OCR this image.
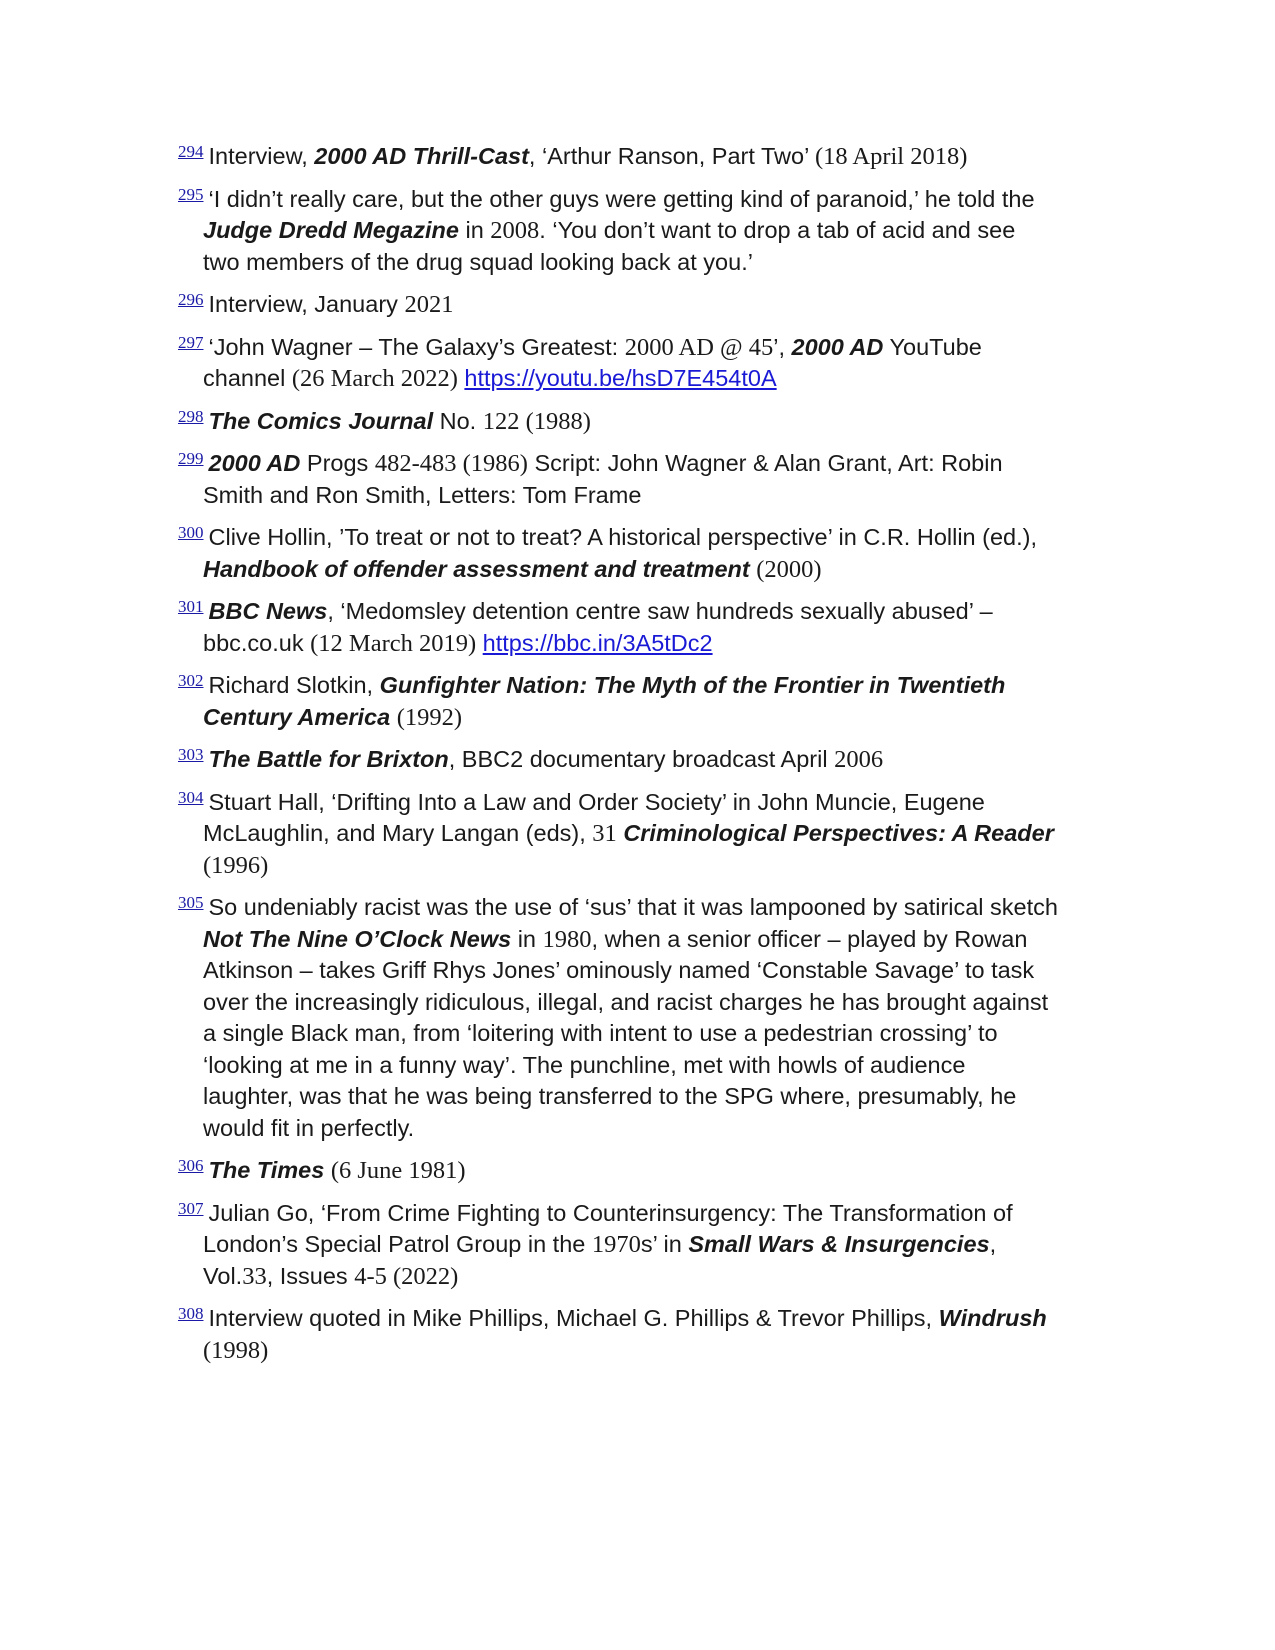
$^{294}$ Interview, 2000 AD Thrill-Cast, ‘Arthur Ranson, Part Two’ (18 April 2018)

$^{295}$ ‘I didn’t really care, but the other guys were getting kind of paranoid,’ he told the Judge Dredd Megazine in 2008. ‘You don’t want to drop a tab of acid and see two members of the drug squad looking back at you.’

$^{296}$ Interview, January 2021

$^{297}$ ‘John Wagner – The Galaxy’s Greatest: 2000 AD @ 45’, 2000 AD YouTube channel (26 March 2022) https://youtu.be/hsD7E454t0A

$^{298}$ The Comics Journal No. 122 (1988)

$^{299}$ 2000 AD Progs 482-483 (1986) Script: John Wagner & Alan Grant, Art: Robin Smith and Ron Smith, Letters: Tom Frame

$^{300}$ Clive Hollin, ’To treat or not to treat? A historical perspective’ in C.R. Hollin (ed.), Handbook of offender assessment and treatment (2000)

$^{301}$ BBC News, ‘Medomsley detention centre saw hundreds sexually abused’ – bbc.co.uk (12 March 2019) https://bbc.in/3A5tDc2

$^{302}$ Richard Slotkin, Gunfighter Nation: The Myth of the Frontier in Twentieth Century America (1992)

$^{303}$ The Battle for Brixton, BBC2 documentary broadcast April 2006

$^{304}$ Stuart Hall, ‘Drifting Into a Law and Order Society’ in John Muncie, Eugene McLaughlin, and Mary Langan (eds), 31 Criminological Perspectives: A Reader (1996)

$^{305}$ So undeniably racist was the use of ‘sus’ that it was lampooned by satirical sketch Not The Nine O’Clock News in 1980, when a senior officer – played by Rowan Atkinson – takes Griff Rhys Jones’ ominously named ‘Constable Savage’ to task over the increasingly ridiculous, illegal, and racist charges he has brought against a single Black man, from ‘loitering with intent to use a pedestrian crossing’ to ‘looking at me in a funny way’. The punchline, met with howls of audience laughter, was that he was being transferred to the SPG where, presumably, he would fit in perfectly.

$^{306}$ The Times (6 June 1981)

$^{307}$ Julian Go, ‘From Crime Fighting to Counterinsurgency: The Transformation of London’s Special Patrol Group in the 1970s’ in Small Wars & Insurgencies, Vol.33, Issues 4-5 (2022)

$^{308}$ Interview quoted in Mike Phillips, Michael G. Phillips & Trevor Phillips, Windrush (1998)
